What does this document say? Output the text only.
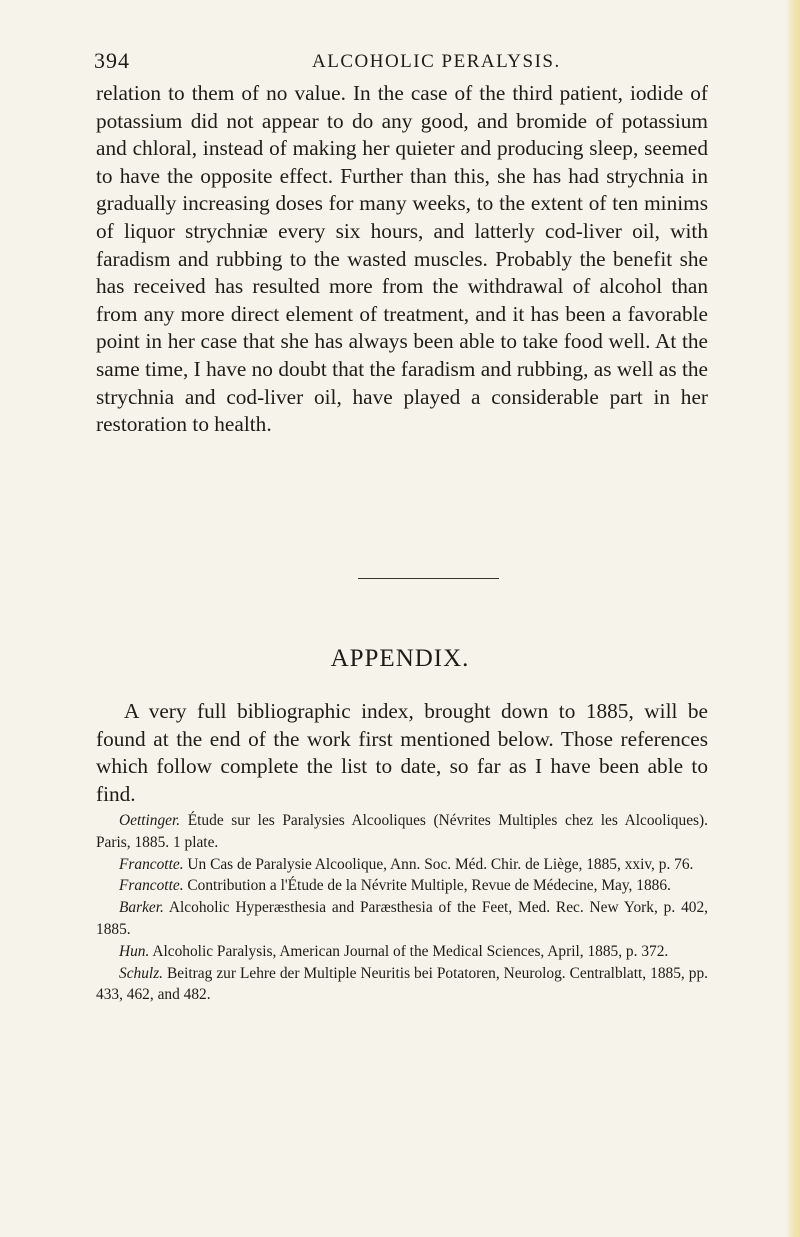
394	ALCOHOLIC PERALYSIS.

relation to them of no value. In the case of the third patient, iodide of potassium did not appear to do any good, and bromide of potassium and chloral, instead of making her quieter and producing sleep, seemed to have the opposite effect. Further than this, she has had strychnia in gradually increasing doses for many weeks, to the extent of ten minims of liquor strychniæ every six hours, and latterly cod-liver oil, with faradism and rubbing to the wasted muscles. Probably the benefit she has received has resulted more from the withdrawal of alcohol than from any more direct element of treatment, and it has been a favorable point in her case that she has always been able to take food well. At the same time, I have no doubt that the faradism and rubbing, as well as the strychnia and cod-liver oil, have played a considerable part in her restoration to health.

APPENDIX.

A very full bibliographic index, brought down to 1885, will be found at the end of the work first mentioned below. Those references which follow complete the list to date, so far as I have been able to find.

Oettinger. Étude sur les Paralysies Alcooliques (Névrites Multiples chez les Alcooliques). Paris, 1885. 1 plate.
Francotte. Un Cas de Paralysie Alcoolique, Ann. Soc. Méd. Chir. de Liège, 1885, xxiv, p. 76.
Francotte. Contribution a l'Étude de la Névrite Multiple, Revue de Médecine, May, 1886.
Barker. Alcoholic Hyperæsthesia and Paræsthesia of the Feet, Med. Rec. New York, p. 402, 1885.
Hun. Alcoholic Paralysis, American Journal of the Medical Sciences, April, 1885, p. 372.
Schulz. Beitrag zur Lehre der Multiple Neuritis bei Potatoren, Neurolog. Centralblatt, 1885, pp. 433, 462, and 482.
